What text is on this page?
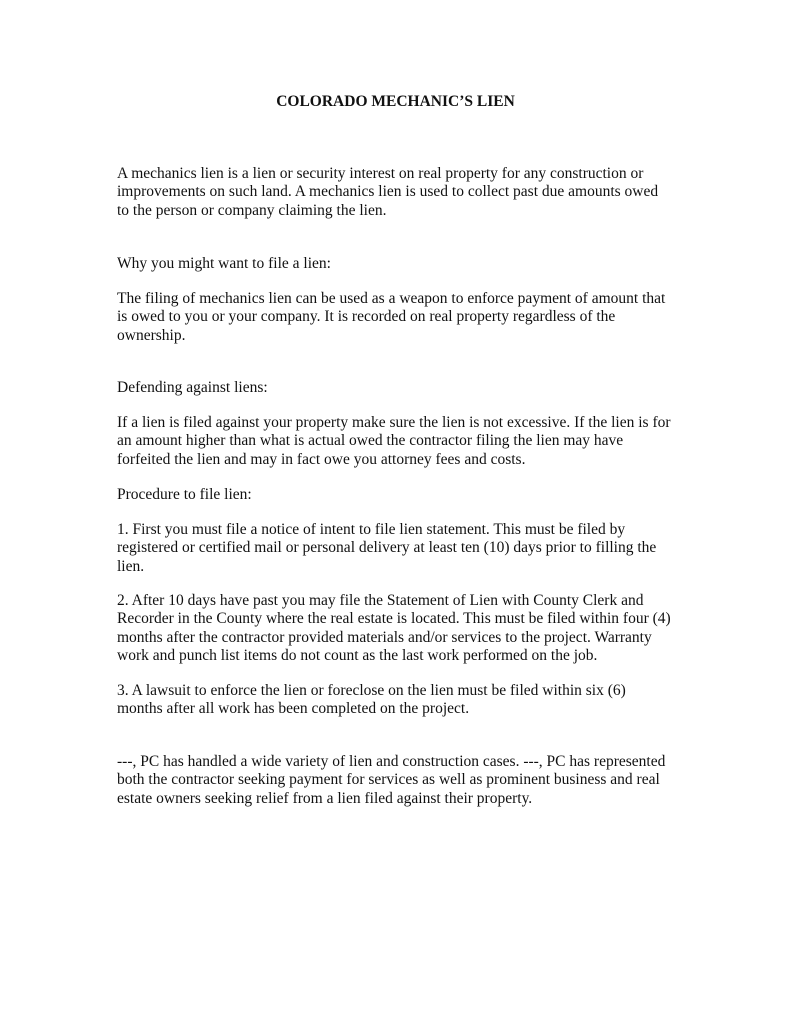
COLORADO MECHANIC’S LIEN
A mechanics lien is a lien or security interest on real property for any construction or
improvements on such land. A mechanics lien is used to collect past due amounts owed
to the person or company claiming the lien.
Why you might want to file a lien:
The filing of mechanics lien can be used as a weapon to enforce payment of amount that
is owed to you or your company. It is recorded on real property regardless of the
ownership.
Defending against liens:
If a lien is filed against your property make sure the lien is not excessive. If the lien is for
an amount higher than what is actual owed the contractor filing the lien may have
forfeited the lien and may in fact owe you attorney fees and costs.
Procedure to file lien:
1. First you must file a notice of intent to file lien statement. This must be filed by
registered or certified mail or personal delivery at least ten (10) days prior to filling the
lien.
2. After 10 days have past you may file the Statement of Lien with County Clerk and
Recorder in the County where the real estate is located. This must be filed within four (4)
months after the contractor provided materials and/or services to the project. Warranty
work and punch list items do not count as the last work performed on the job.
3. A lawsuit to enforce the lien or foreclose on the lien must be filed within six (6)
months after all work has been completed on the project.
---, PC has handled a wide variety of lien and construction cases. ---, PC has represented
both the contractor seeking payment for services as well as prominent business and real
estate owners seeking relief from a lien filed against their property.
